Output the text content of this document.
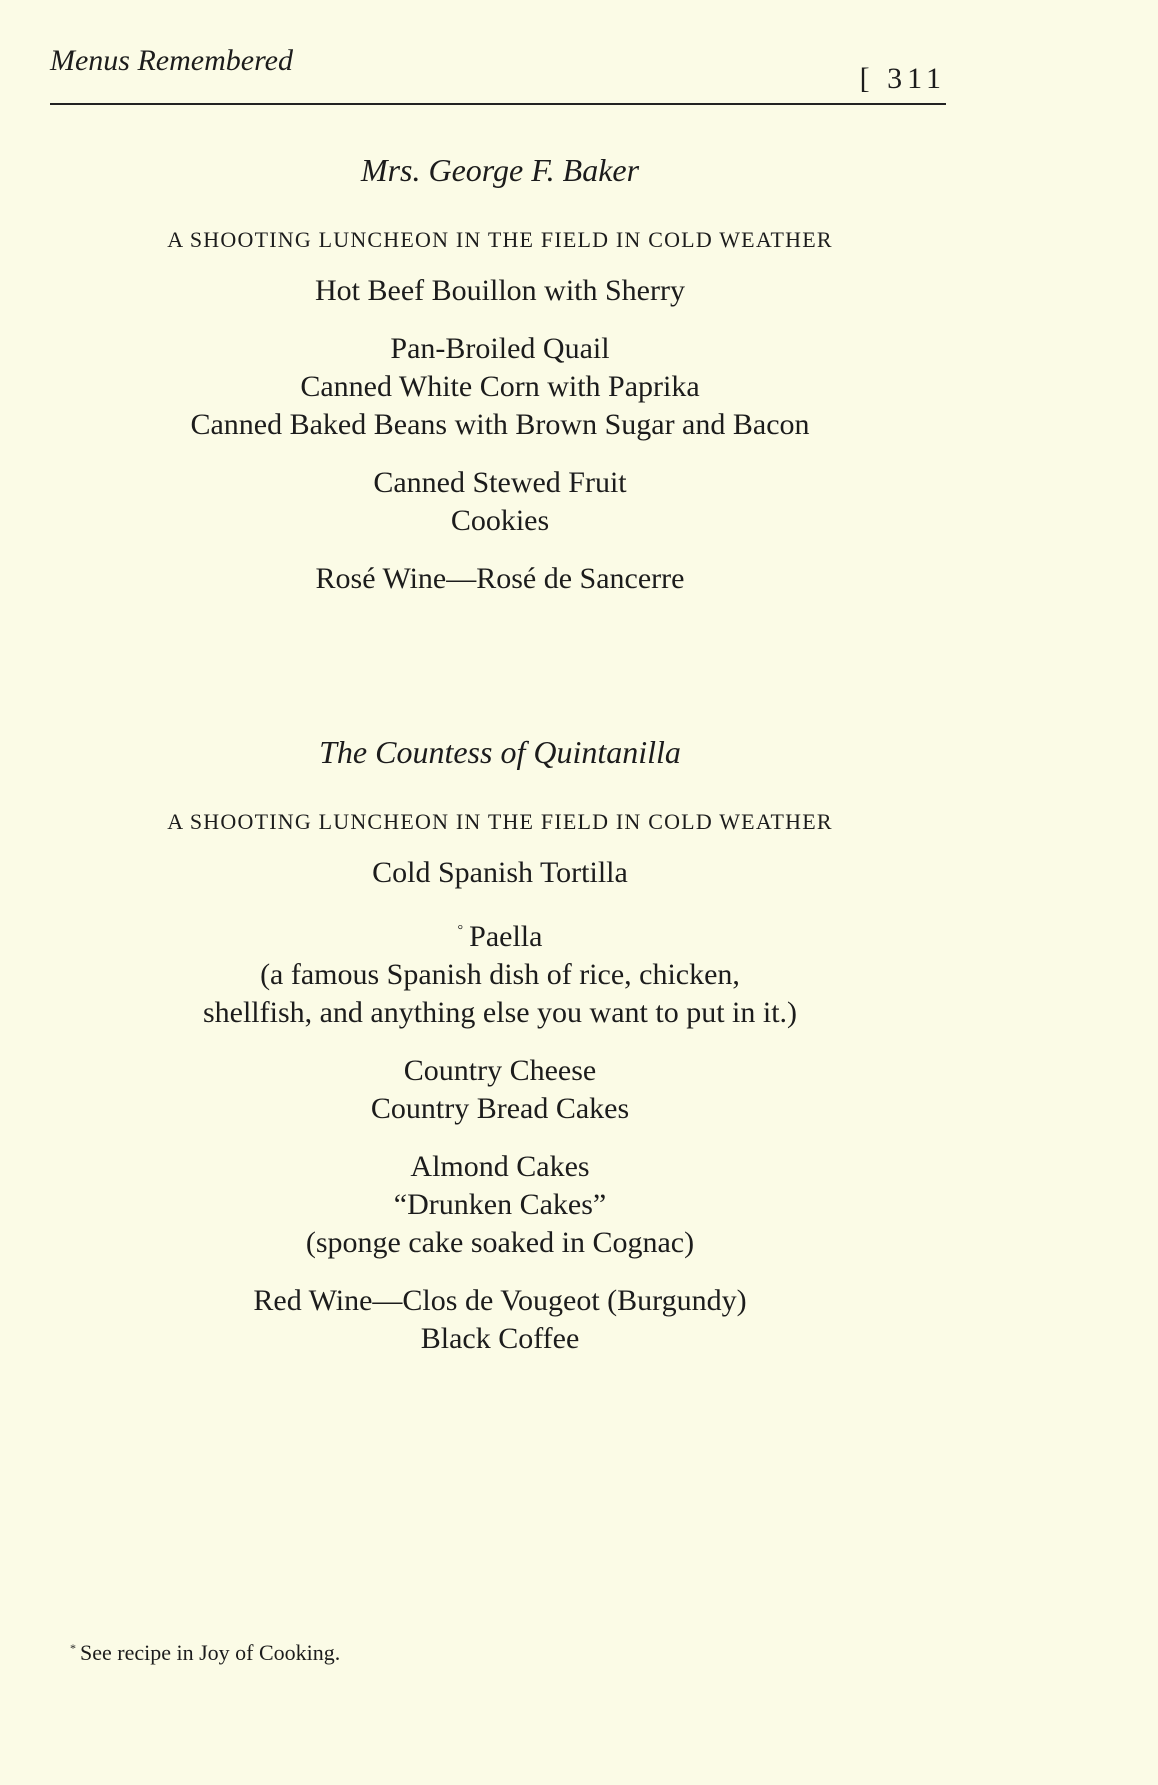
Menus Remembered
[ 311
Mrs. George F. Baker
A SHOOTING LUNCHEON IN THE FIELD IN COLD WEATHER
Hot Beef Bouillon with Sherry
Pan-Broiled Quail
Canned White Corn with Paprika
Canned Baked Beans with Brown Sugar and Bacon
Canned Stewed Fruit
Cookies
Rosé Wine—Rosé de Sancerre
The Countess of Quintanilla
A SHOOTING LUNCHEON IN THE FIELD IN COLD WEATHER
Cold Spanish Tortilla
° Paella
(a famous Spanish dish of rice, chicken,
shellfish, and anything else you want to put in it.)
Country Cheese
Country Bread Cakes
Almond Cakes
“Drunken Cakes”
(sponge cake soaked in Cognac)
Red Wine—Clos de Vougeot (Burgundy)
Black Coffee
* See recipe in Joy of Cooking.
